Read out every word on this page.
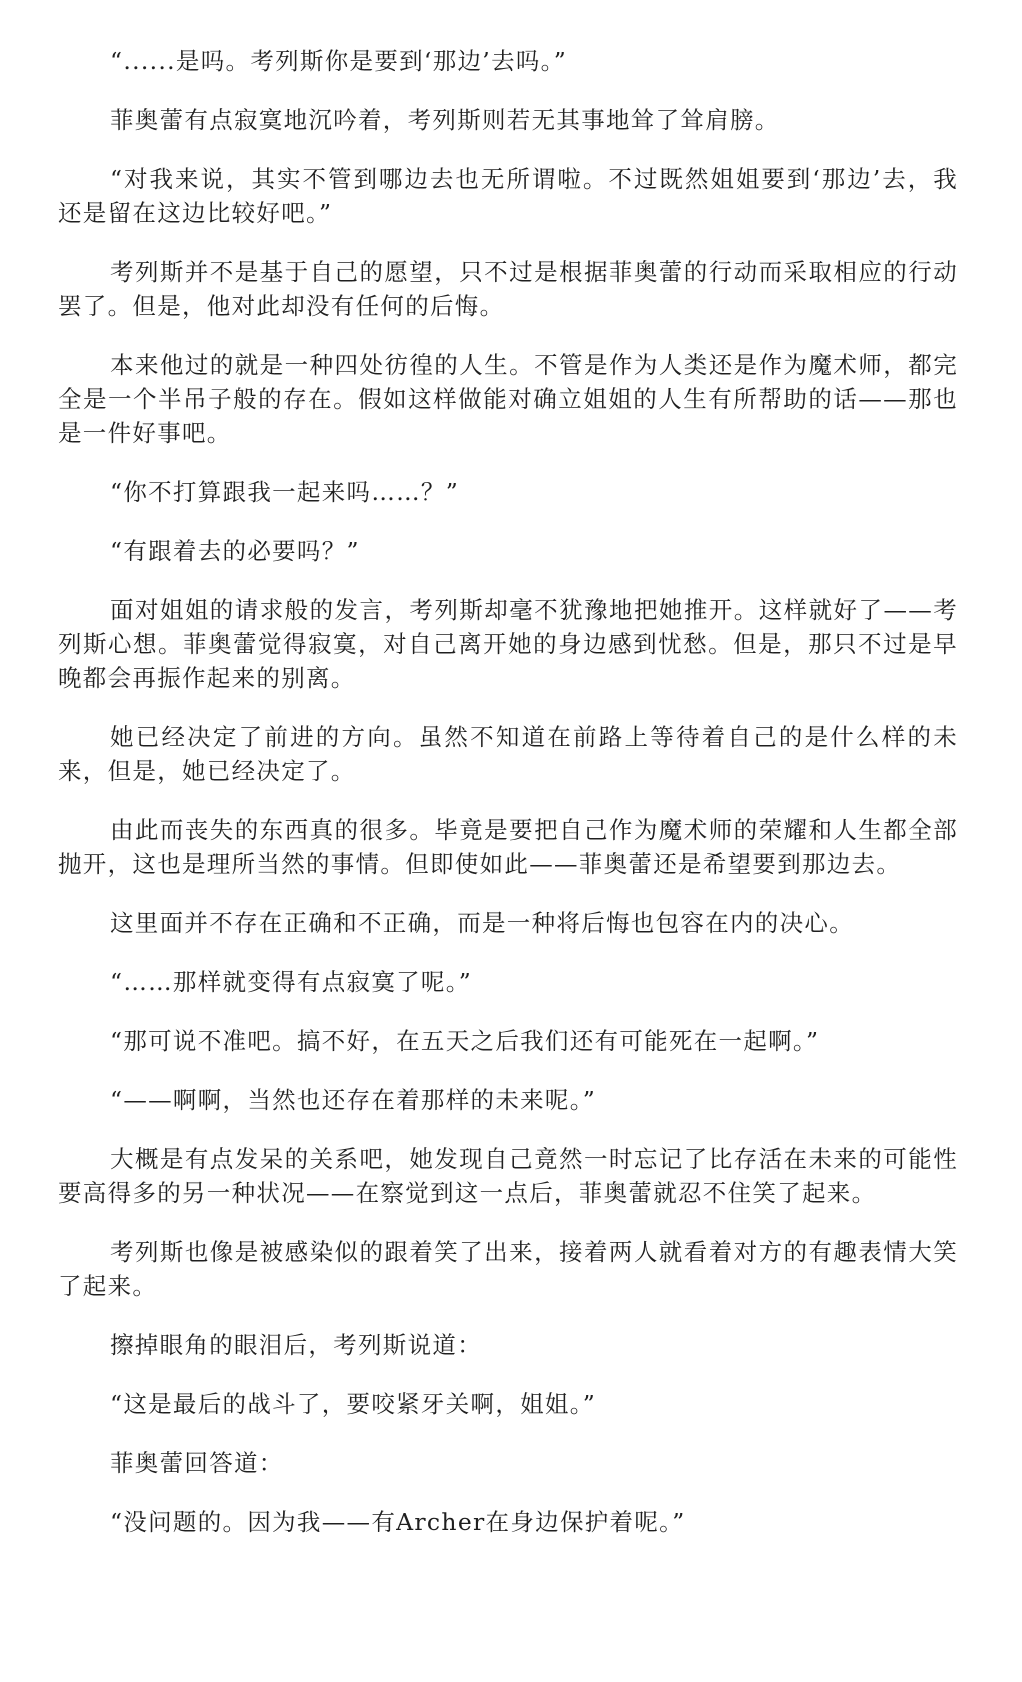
“......是吗。考列斯你是要到‘那边’去吗。”

菲奥蕾有点寂寞地沉吟着，考列斯则若无其事地耸了耸肩膀。

“对我来说，其实不管到哪边去也无所谓啦。不过既然姐姐要到‘那边’去，我还是留在这边比较好吧。”

考列斯并不是基于自己的愿望，只不过是根据菲奥蕾的行动而采取相应的行动罢了。但是，他对此却没有任何的后悔。

本来他过的就是一种四处彷徨的人生。不管是作为人类还是作为魔术师，都完全是一个半吊子般的存在。假如这样做能对确立姐姐的人生有所帮助的话——那也是一件好事吧。

“你不打算跟我一起来吗……？”

“有跟着去的必要吗？”

面对姐姐的请求般的发言，考列斯却毫不犹豫地把她推开。这样就好了——考列斯心想。菲奥蕾觉得寂寞，对自己离开她的身边感到忧愁。但是，那只不过是早晚都会再振作起来的别离。

她已经决定了前进的方向。虽然不知道在前路上等待着自己的是什么样的未来，但是，她已经决定了。

由此而丧失的东西真的很多。毕竟是要把自己作为魔术师的荣耀和人生都全部抛开，这也是理所当然的事情。但即使如此——菲奥蕾还是希望要到那边去。

这里面并不存在正确和不正确，而是一种将后悔也包容在内的决心。

“……那样就变得有点寂寞了呢。”

“那可说不准吧。搞不好，在五天之后我们还有可能死在一起啊。”

“——啊啊，当然也还存在着那样的未来呢。”

大概是有点发呆的关系吧，她发现自己竟然一时忘记了比存活在未来的可能性要高得多的另一种状况——在察觉到这一点后，菲奥蕾就忍不住笑了起来。

考列斯也像是被感染似的跟着笑了出来，接着两人就看着对方的有趣表情大笑了起来。

擦掉眼角的眼泪后，考列斯说道：

“这是最后的战斗了，要咬紧牙关啊，姐姐。”

菲奥蕾回答道：

“没问题的。因为我——有Archer在身边保护着呢。”
